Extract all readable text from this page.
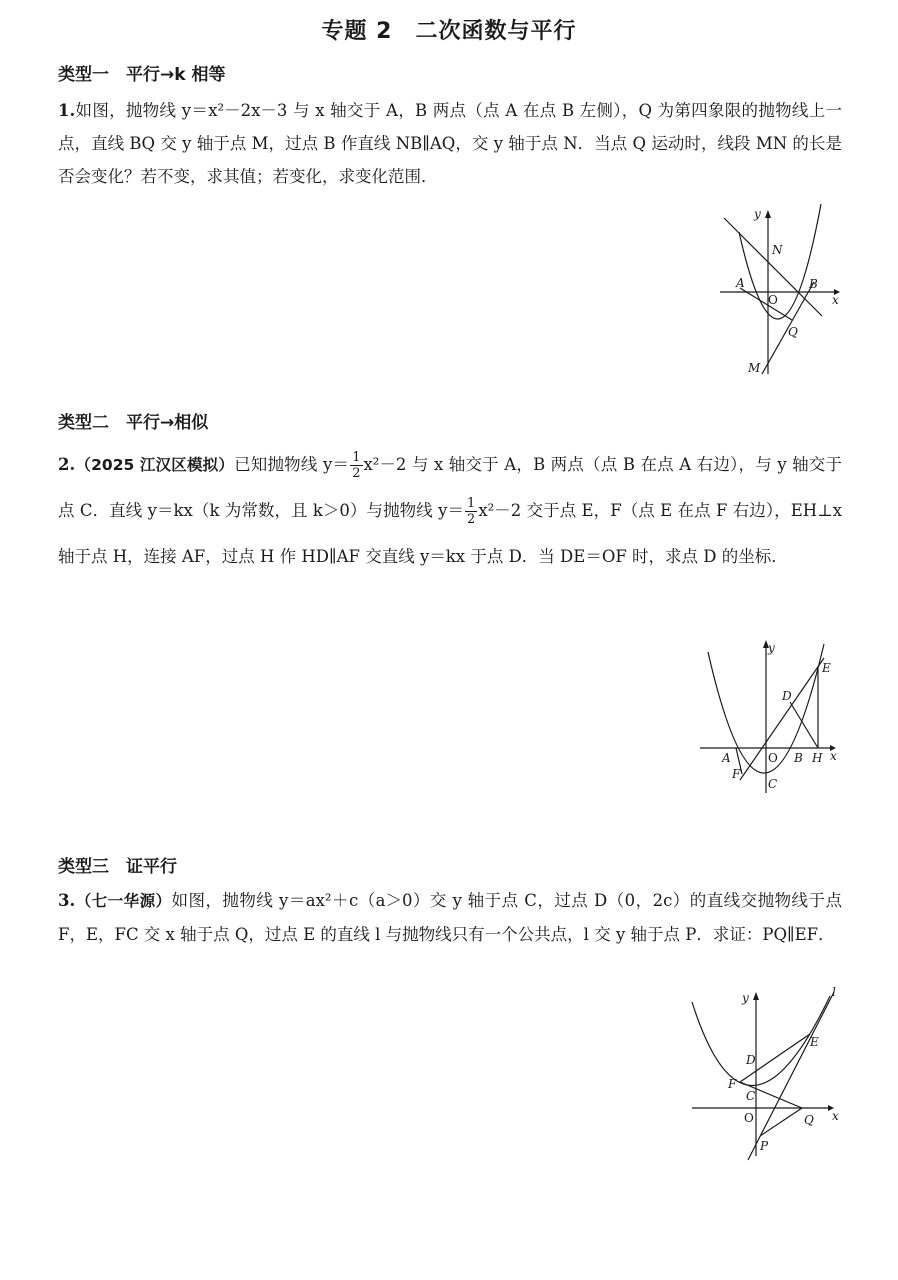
专题 2　二次函数与平行
类型一　平行→k 相等
1.如图，抛物线 y＝x²－2x－3 与 x 轴交于 A，B 两点（点 A 在点 B 左侧），Q 为第四象限的抛物线上一点，直线 BQ 交 y 轴于点 M，过点 B 作直线 NB∥AQ，交 y 轴于点 N．当点 Q 运动时，线段 MN 的长是否会变化？若不变，求其值；若变化，求变化范围．
y
x
N
A
O
B
Q
M
类型二　平行→相似
2.（2025 江汉区模拟）已知抛物线 $y= \frac{1}{2} x^2-2$ 与 x 轴交于 A，B 两点（点 B 在点 A 右边），与 y 轴交于点 C．直线 y＝kx（k 为常数，且 k＞0）与抛物线 $y= \frac{1}{2} x^2-2$ 交于点 E，F（点 E 在点 F 右边），EH⊥x 轴于点 H，连接 AF，过点 H 作 HD∥AF 交直线 y＝kx 于点 D．当 DE＝OF 时，求点 D 的坐标．
y
x
E
D
A	O B H
F
C
类型三　证平行
3.（七一华源）如图，抛物线 y＝ax²＋c（a＞0）交 y 轴于点 C，过点 D（0，2c）的直线交抛物线于点 F，E，FC 交 x 轴于点 Q，过点 E 的直线 l 与抛物线只有一个公共点，l 交 y 轴于点 P．求证：PQ∥EF．
y
x
l
E
D
F
C
O	Q
P
